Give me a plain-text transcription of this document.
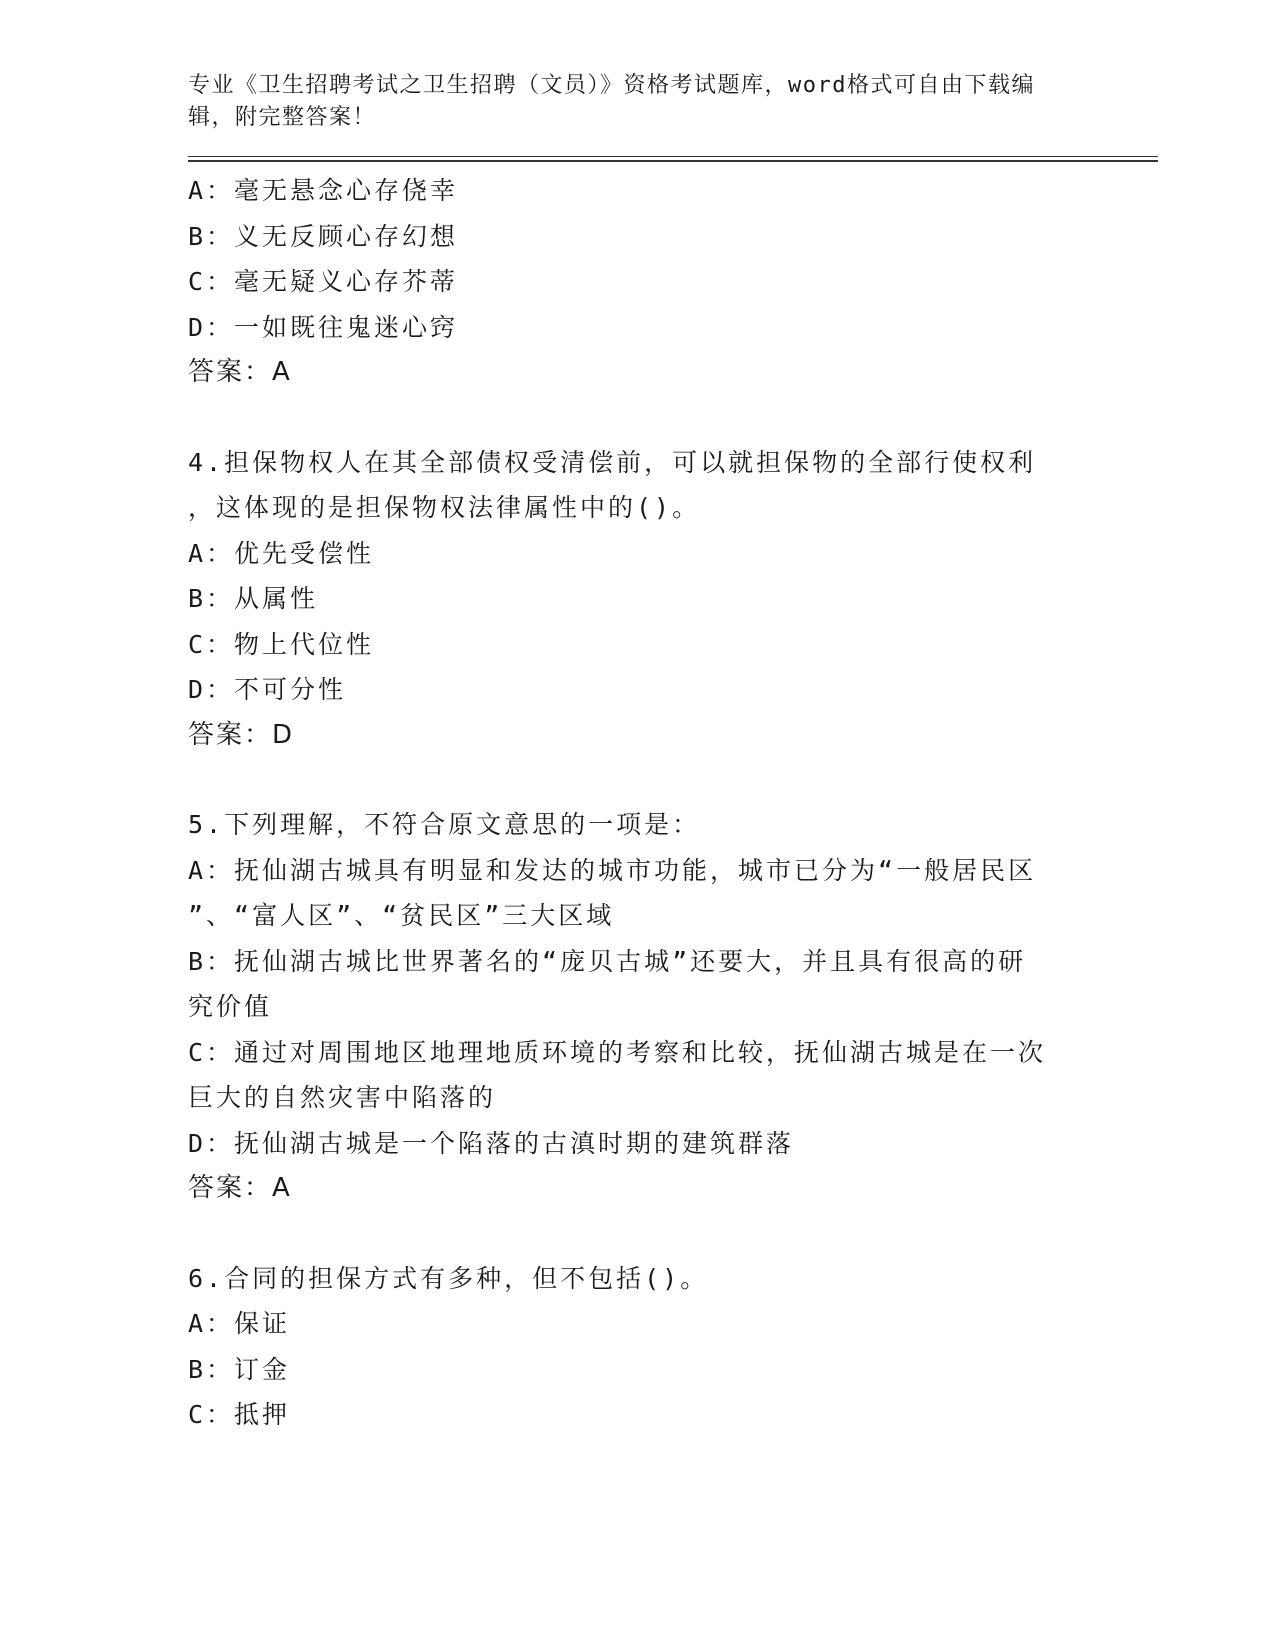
专业《卫生招聘考试之卫生招聘（文员）》资格考试题库，word格式可自由下载编辑，附完整答案！
A：毫无悬念心存侥幸
B：义无反顾心存幻想
C：毫无疑义心存芥蒂
D：一如既往鬼迷心窍
答案：A
4.担保物权人在其全部债权受清偿前，可以就担保物的全部行使权利
，这体现的是担保物权法律属性中的()。
A：优先受偿性
B：从属性
C：物上代位性
D：不可分性
答案：D
5.下列理解，不符合原文意思的一项是：
A：抚仙湖古城具有明显和发达的城市功能，城市已分为“一般居民区
”、“富人区”、“贫民区”三大区域
B：抚仙湖古城比世界著名的“庞贝古城”还要大，并且具有很高的研
究价值
C：通过对周围地区地理地质环境的考察和比较，抚仙湖古城是在一次
巨大的自然灾害中陷落的
D：抚仙湖古城是一个陷落的古滇时期的建筑群落
答案：A
6.合同的担保方式有多种，但不包括()。
A：保证
B：订金
C：抵押
